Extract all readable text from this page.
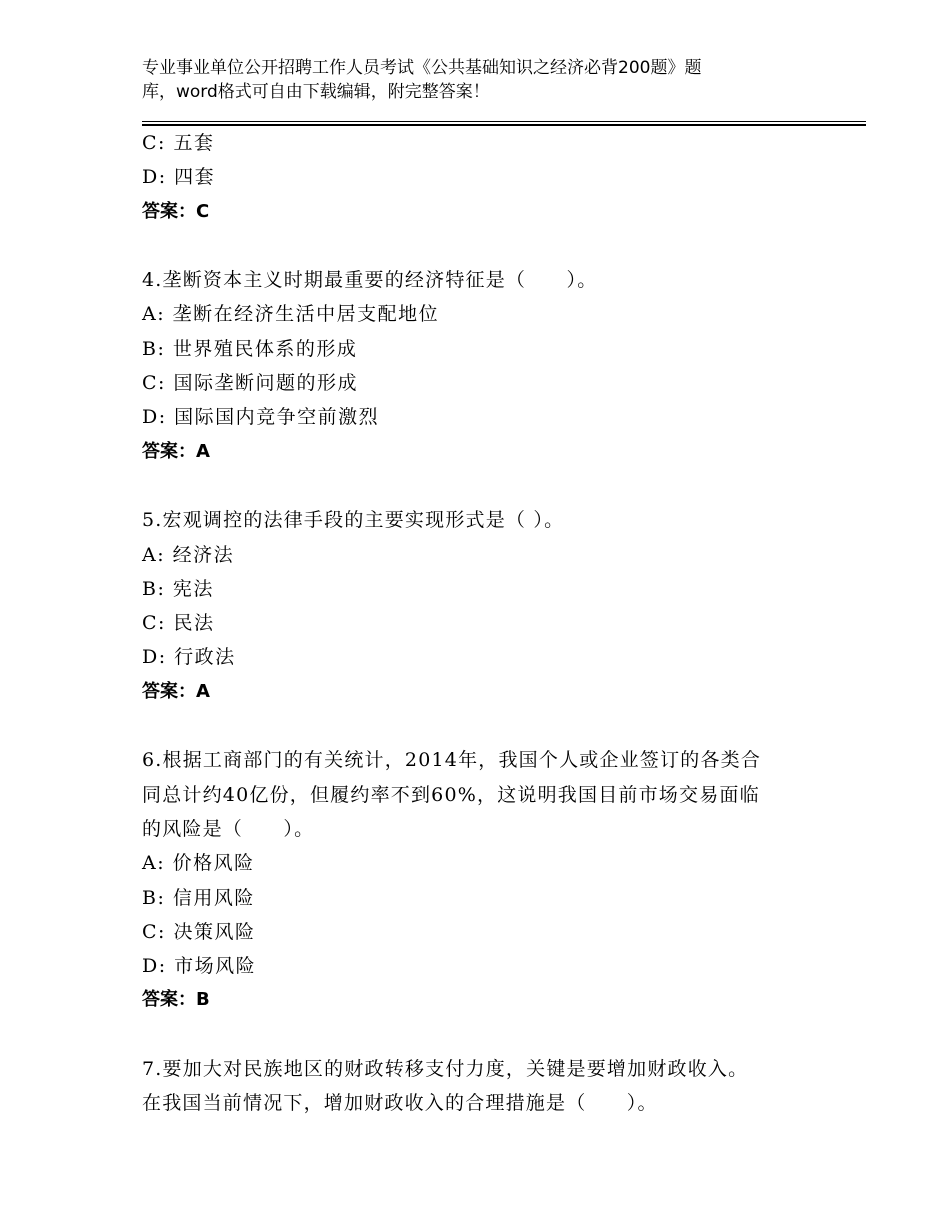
专业事业单位公开招聘工作人员考试《公共基础知识之经济必背200题》题
库，word格式可自由下载编辑，附完整答案！
C: 五套
D: 四套
答案：C
4.垄断资本主义时期最重要的经济特征是（　　）。
A: 垄断在经济生活中居支配地位
B: 世界殖民体系的形成
C: 国际垄断问题的形成
D: 国际国内竞争空前激烈
答案：A
5.宏观调控的法律手段的主要实现形式是（ ）。
A: 经济法
B: 宪法
C: 民法
D: 行政法
答案：A
6.根据工商部门的有关统计，2014年，我国个人或企业签订的各类合
同总计约40亿份，但履约率不到60%，这说明我国目前市场交易面临
的风险是（　　）。
A: 价格风险
B: 信用风险
C: 决策风险
D: 市场风险
答案：B
7.要加大对民族地区的财政转移支付力度，关键是要增加财政收入。
在我国当前情况下，增加财政收入的合理措施是（　　）。
